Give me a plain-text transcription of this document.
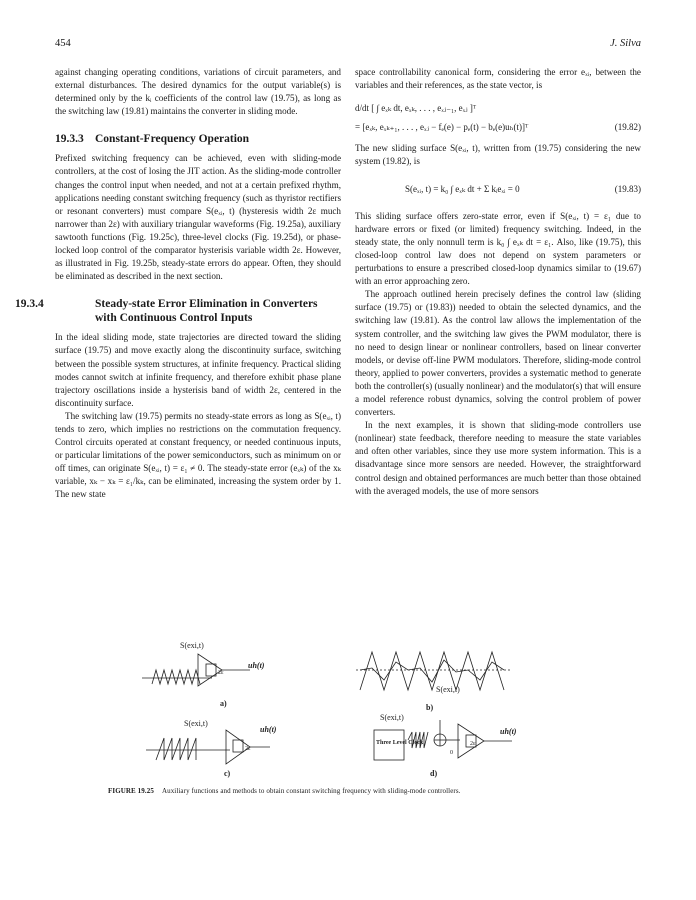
454	J. Silva

against changing operating conditions, variations of circuit parameters, and external disturbances. The desired dynamics for the output variable(s) is determined only by the kᵢ coefficients of the control law (19.75), as long as the switching law (19.81) maintains the converter in sliding mode.

19.3.3 Constant-Frequency Operation

Prefixed switching frequency can be achieved, even with sliding-mode controllers, at the cost of losing the JIT action. As the sliding-mode controller changes the control input when needed, and not at a certain prefixed rhythm, applications needing constant switching frequency (such as thyristor rectifiers or resonant converters) must compare S(eₓᵢ, t) (hysteresis width 2ε much narrower than 2ε) with auxiliary triangular waveforms (Fig. 19.25a), auxiliary sawtooth functions (Fig. 19.25c), three-level clocks (Fig. 19.25d), or phase-locked loop control of the comparator hysterisis variable width 2ε. However, as illustrated in Fig. 19.25b, steady-state errors do appear. Often, they should be eliminated as described in the next section.

19.3.4	Steady-state Error Elimination in Converters with Continuous Control Inputs

In the ideal sliding mode, state trajectories are directed toward the sliding surface (19.75) and move exactly along the discontinuity surface, switching between the possible system structures, at infinite frequency. Practical sliding modes cannot switch at infinite frequency, and therefore exhibit phase plane trajectory oscillations inside a hysterisis band of width 2ε, centered in the discontinuity surface.

The switching law (19.75) permits no steady-state errors as long as S(eₓᵢ, t) tends to zero, which implies no restrictions on the commutation frequency. Control circuits operated at constant frequency, or needed continuous inputs, or particular limitations of the power semiconductors, such as minimum on or off times, can originate S(eₓᵢ, t) = ε₁ ≠ 0. The steady-state error (eₓₖ) of the xₖ variable, xₖ − xₖ = ε₁/kₖ, can be eliminated, increasing the system order by 1. The new state

space controllability canonical form, considering the error eₓᵢ, between the variables and their references, as the state vector, is

d/dt [ ∫ eₓₖ dt, eₓₖ, . . . , eₓⱼ₋₁, eₓⱼ ]ᵀ
= [eₓₖ, eₓₖ₊₁, . . . , eₓⱼ − fₑ(e) − pₑ(t) − bₑ(e)uₕ(t)]ᵀ	(19.82)

The new sliding surface S(eₓᵢ, t), written from (19.75) considering the new system (19.82), is

S(eₓᵢ, t) = k₀ ∫ eₓₖ dt + Σ kᵢeₓᵢ = 0	(19.83)

This sliding surface offers zero-state error, even if S(eₓᵢ, t) = ε₁ due to hardware errors or fixed (or limited) frequency switching. Indeed, in the steady state, the only nonnull term is k₀ ∫ eₓₖ dt = ε₁. Also, like (19.75), this closed-loop control law does not depend on system parameters or perturbations to ensure a prescribed closed-loop dynamics similar to (19.67) with an error approaching zero.

The approach outlined herein precisely defines the control law (sliding surface (19.75) or (19.83)) needed to obtain the selected dynamics, and the switching law (19.81). As the control law allows the implementation of the system controller, and the switching law gives the PWM modulator, there is no need to design linear or nonlinear controllers, based on linear converter models, or devise off-line PWM modulators. Therefore, sliding-mode control theory, applied to power converters, provides a systematic method to generate both the controller(s) (usually nonlinear) and the modulator(s) that will ensure a model reference robust dynamics, solving the control problem of power converters.

In the next examples, it is shown that sliding-mode controllers use (nonlinear) state feedback, therefore needing to measure the state variables and often other variables, since they use more system information. This is a disadvantage since more sensors are needed. However, the straightforward control design and obtained performances are much better than those obtained with the averaged models, the use of more sensors

S(exi,t)
uh(t)
2ε
a)
S(exi,t)
uh(t)
2ε
c)
S(exi,t)
b)
S(exi,t)
Three Level Clock
0
2ε
uh(t)
d)
FIGURE 19.25 Auxiliary functions and methods to obtain constant switching frequency with sliding-mode controllers.
